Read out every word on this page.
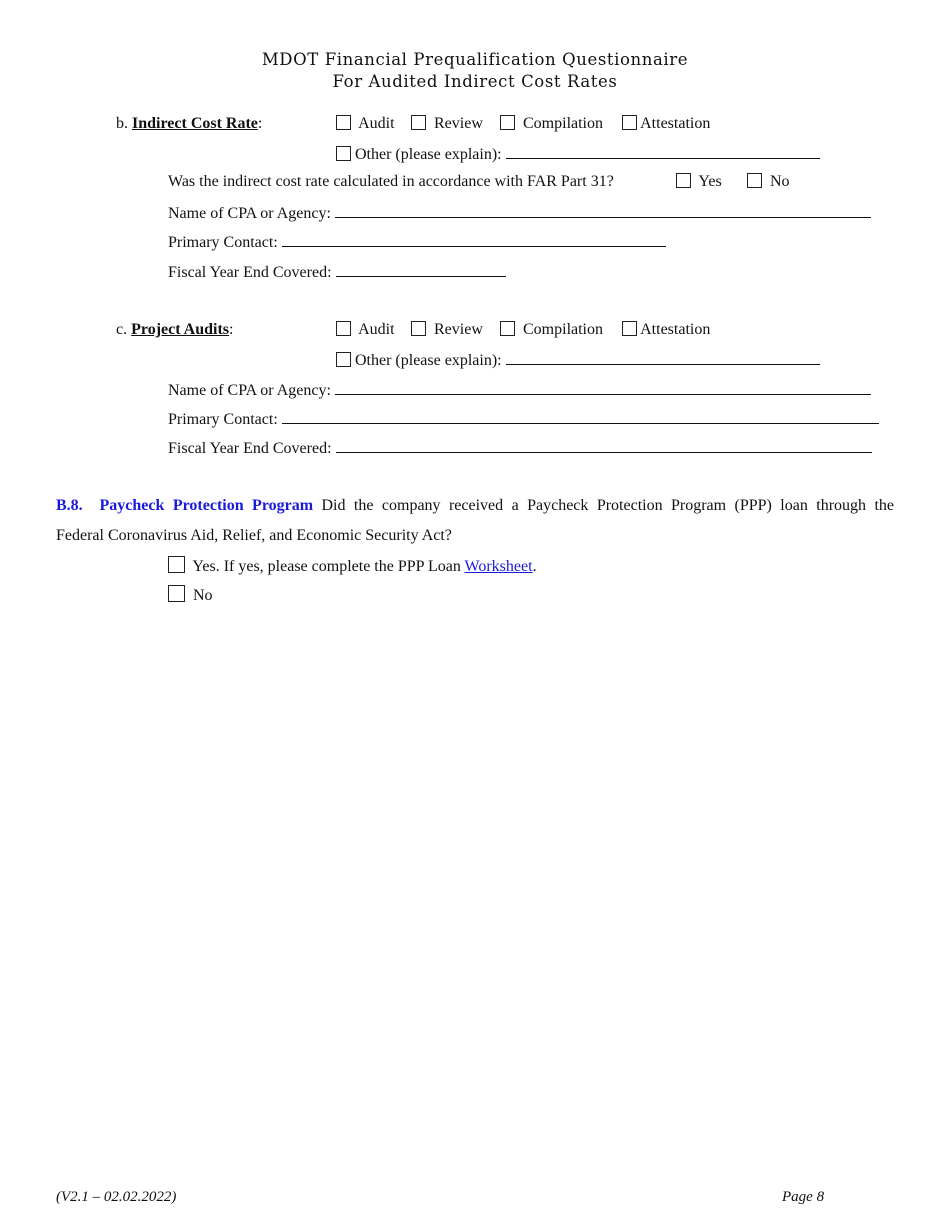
MDOT Financial Prequalification Questionnaire
For Audited Indirect Cost Rates
b. Indirect Cost Rate:	Audit	Review	Compilation	Attestation
Other (please explain):
Was the indirect cost rate calculated in accordance with FAR Part 31?	Yes	No
Name of CPA or Agency:
Primary Contact:
Fiscal Year End Covered:
c. Project Audits:	Audit	Review	Compilation	Attestation
Other (please explain):
Name of CPA or Agency:
Primary Contact:
Fiscal Year End Covered:
B.8. Paycheck Protection Program Did the company received a Paycheck Protection Program (PPP) loan through the
Federal Coronavirus Aid, Relief, and Economic Security Act?
Yes. If yes, please complete the PPP Loan Worksheet.
No
(V2.1 – 02.02.2022)	Page 8
